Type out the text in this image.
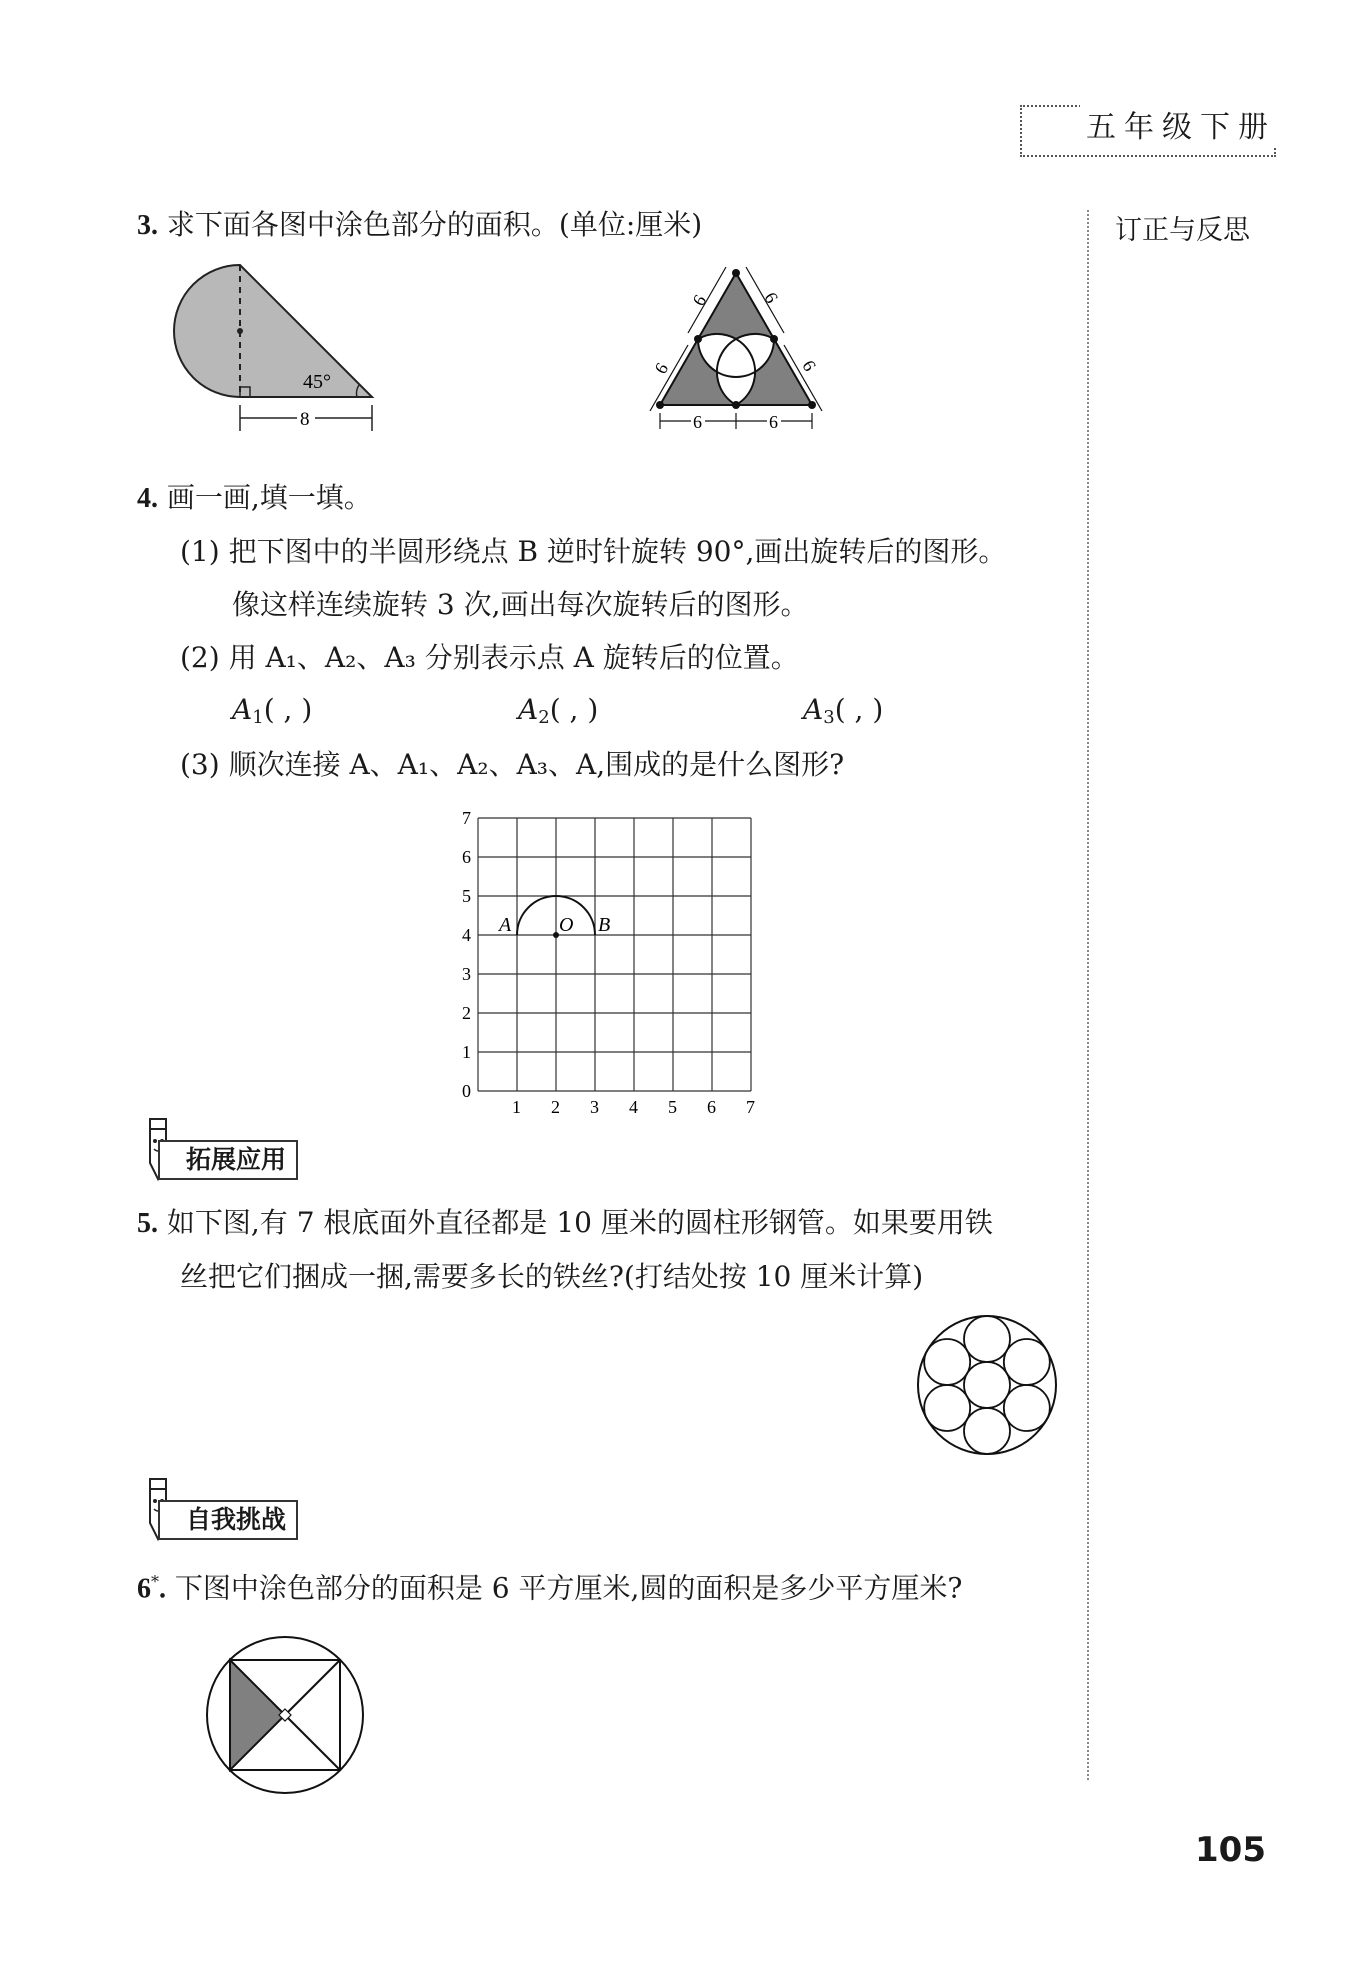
五年级下册
订正与反思
3. 求下面各图中涂色部分的面积。(单位:厘米)
45°
8	6	6
6
6
6
6
4. 画一画,填一填。
(1) 把下图中的半圆形绕点 B 逆时针旋转 90°,画出旋转后的图形。
像这样连续旋转 3 次,画出每次旋转后的图形。
(2) 用 A₁、A₂、A₃ 分别表示点 A 旋转后的位置。
$A_1$( , )	$A_2$( , )	$A_3$( , )
(3) 顺次连接 A、A₁、A₂、A₃、A,围成的是什么图形?
0
1
2
3
4
5
6
7
1 2 3 4 5 6 7
A O B
拓展应用
5. 如下图,有 7 根底面外直径都是 10 厘米的圆柱形钢管。如果要用铁
丝把它们捆成一捆,需要多长的铁丝?(打结处按 10 厘米计算)
自我挑战
6*. 下图中涂色部分的面积是 6 平方厘米,圆的面积是多少平方厘米?
105
